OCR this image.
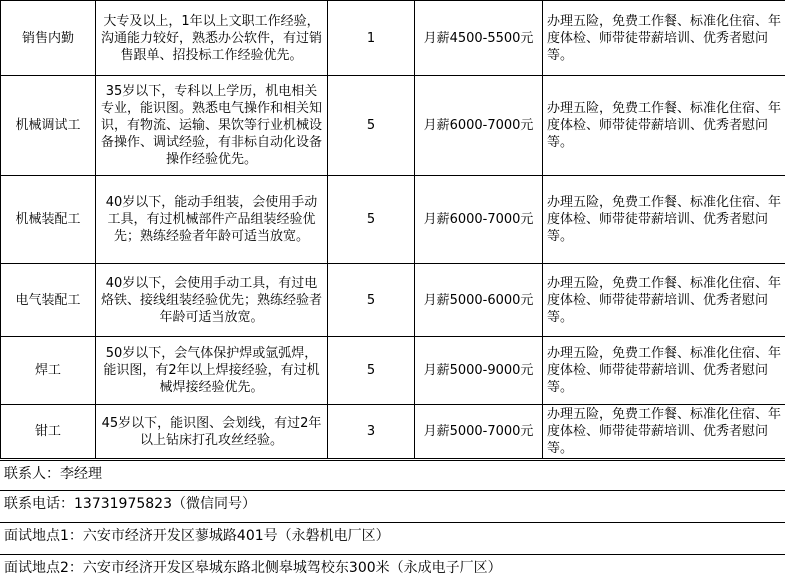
销售内勤	大专及以上，1年以上文职工作经验，沟通能力较好，熟悉办公软件，有过销售跟单、招投标工作经验优先。	1	月薪4500-5500元	办理五险，免费工作餐、标准化住宿、年度体检、师带徒带薪培训、优秀者慰问等。
机械调试工	35岁以下，专科以上学历，机电相关专业，能识图。熟悉电气操作和相关知识，有物流、运输、果饮等行业机械设备操作、调试经验，有非标自动化设备操作经验优先。	5	月薪6000-7000元	办理五险，免费工作餐、标准化住宿、年度体检、师带徒带薪培训、优秀者慰问等。
机械装配工	40岁以下，能动手组装，会使用手动工具，有过机械部件产品组装经验优先；熟练经验者年龄可适当放宽。	5	月薪6000-7000元	办理五险，免费工作餐、标准化住宿、年度体检、师带徒带薪培训、优秀者慰问等。
电气装配工	40岁以下，会使用手动工具，有过电烙铁、接线组装经验优先；熟练经验者年龄可适当放宽。	5	月薪5000-6000元	办理五险，免费工作餐、标准化住宿、年度体检、师带徒带薪培训、优秀者慰问等。
焊工	50岁以下，会气体保护焊或氩弧焊，能识图，有2年以上焊接经验，有过机械焊接经验优先。	5	月薪5000-9000元	办理五险，免费工作餐、标准化住宿、年度体检、师带徒带薪培训、优秀者慰问等。
钳工	45岁以下，能识图、会划线，有过2年以上钻床打孔攻丝经验。	3	月薪5000-7000元	办理五险，免费工作餐、标准化住宿、年度体检、师带徒带薪培训、优秀者慰问等。
联系人：李经理
联系电话：13731975823（微信同号）
面试地点1：六安市经济开发区蓼城路401号（永磐机电厂区）
面试地点2：六安市经济开发区皋城东路北侧皋城驾校东300米（永成电子厂区）
